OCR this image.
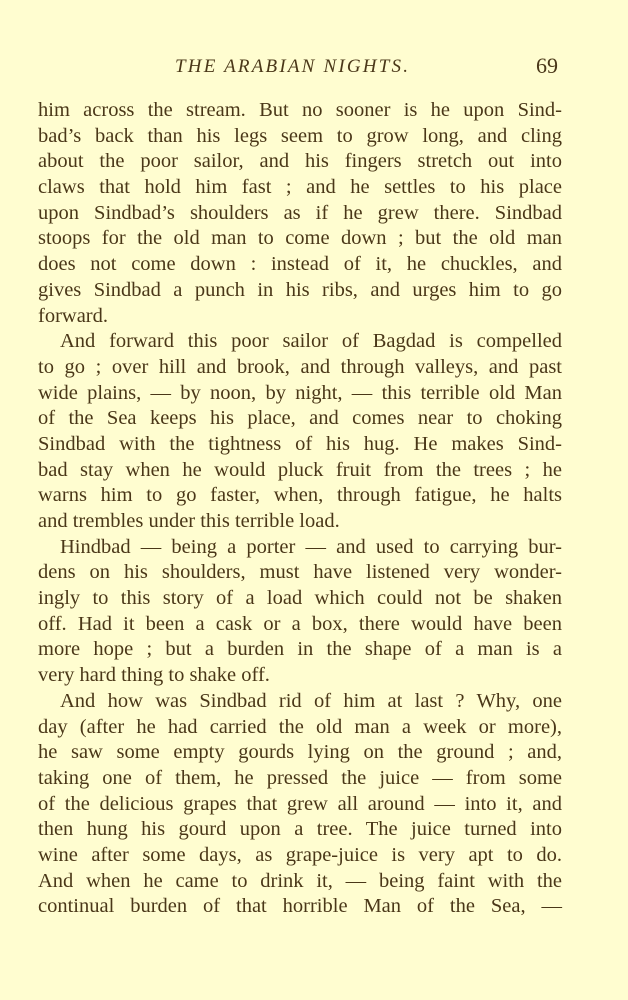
THE ARABIAN NIGHTS.	69
him across the stream. But no sooner is he upon Sind-
bad’s back than his legs seem to grow long, and cling
about the poor sailor, and his fingers stretch out into
claws that hold him fast ; and he settles to his place
upon Sindbad’s shoulders as if he grew there. Sindbad
stoops for the old man to come down ; but the old man
does not come down : instead of it, he chuckles, and
gives Sindbad a punch in his ribs, and urges him to go
forward.
And forward this poor sailor of Bagdad is compelled
to go ; over hill and brook, and through valleys, and past
wide plains, — by noon, by night, — this terrible old Man
of the Sea keeps his place, and comes near to choking
Sindbad with the tightness of his hug. He makes Sind-
bad stay when he would pluck fruit from the trees ; he
warns him to go faster, when, through fatigue, he halts
and trembles under this terrible load.
Hindbad — being a porter — and used to carrying bur-
dens on his shoulders, must have listened very wonder-
ingly to this story of a load which could not be shaken
off. Had it been a cask or a box, there would have been
more hope ; but a burden in the shape of a man is a
very hard thing to shake off.
And how was Sindbad rid of him at last ? Why, one
day (after he had carried the old man a week or more),
he saw some empty gourds lying on the ground ; and,
taking one of them, he pressed the juice — from some
of the delicious grapes that grew all around — into it, and
then hung his gourd upon a tree. The juice turned into
wine after some days, as grape-juice is very apt to do.
And when he came to drink it, — being faint with the
continual burden of that horrible Man of the Sea, —
